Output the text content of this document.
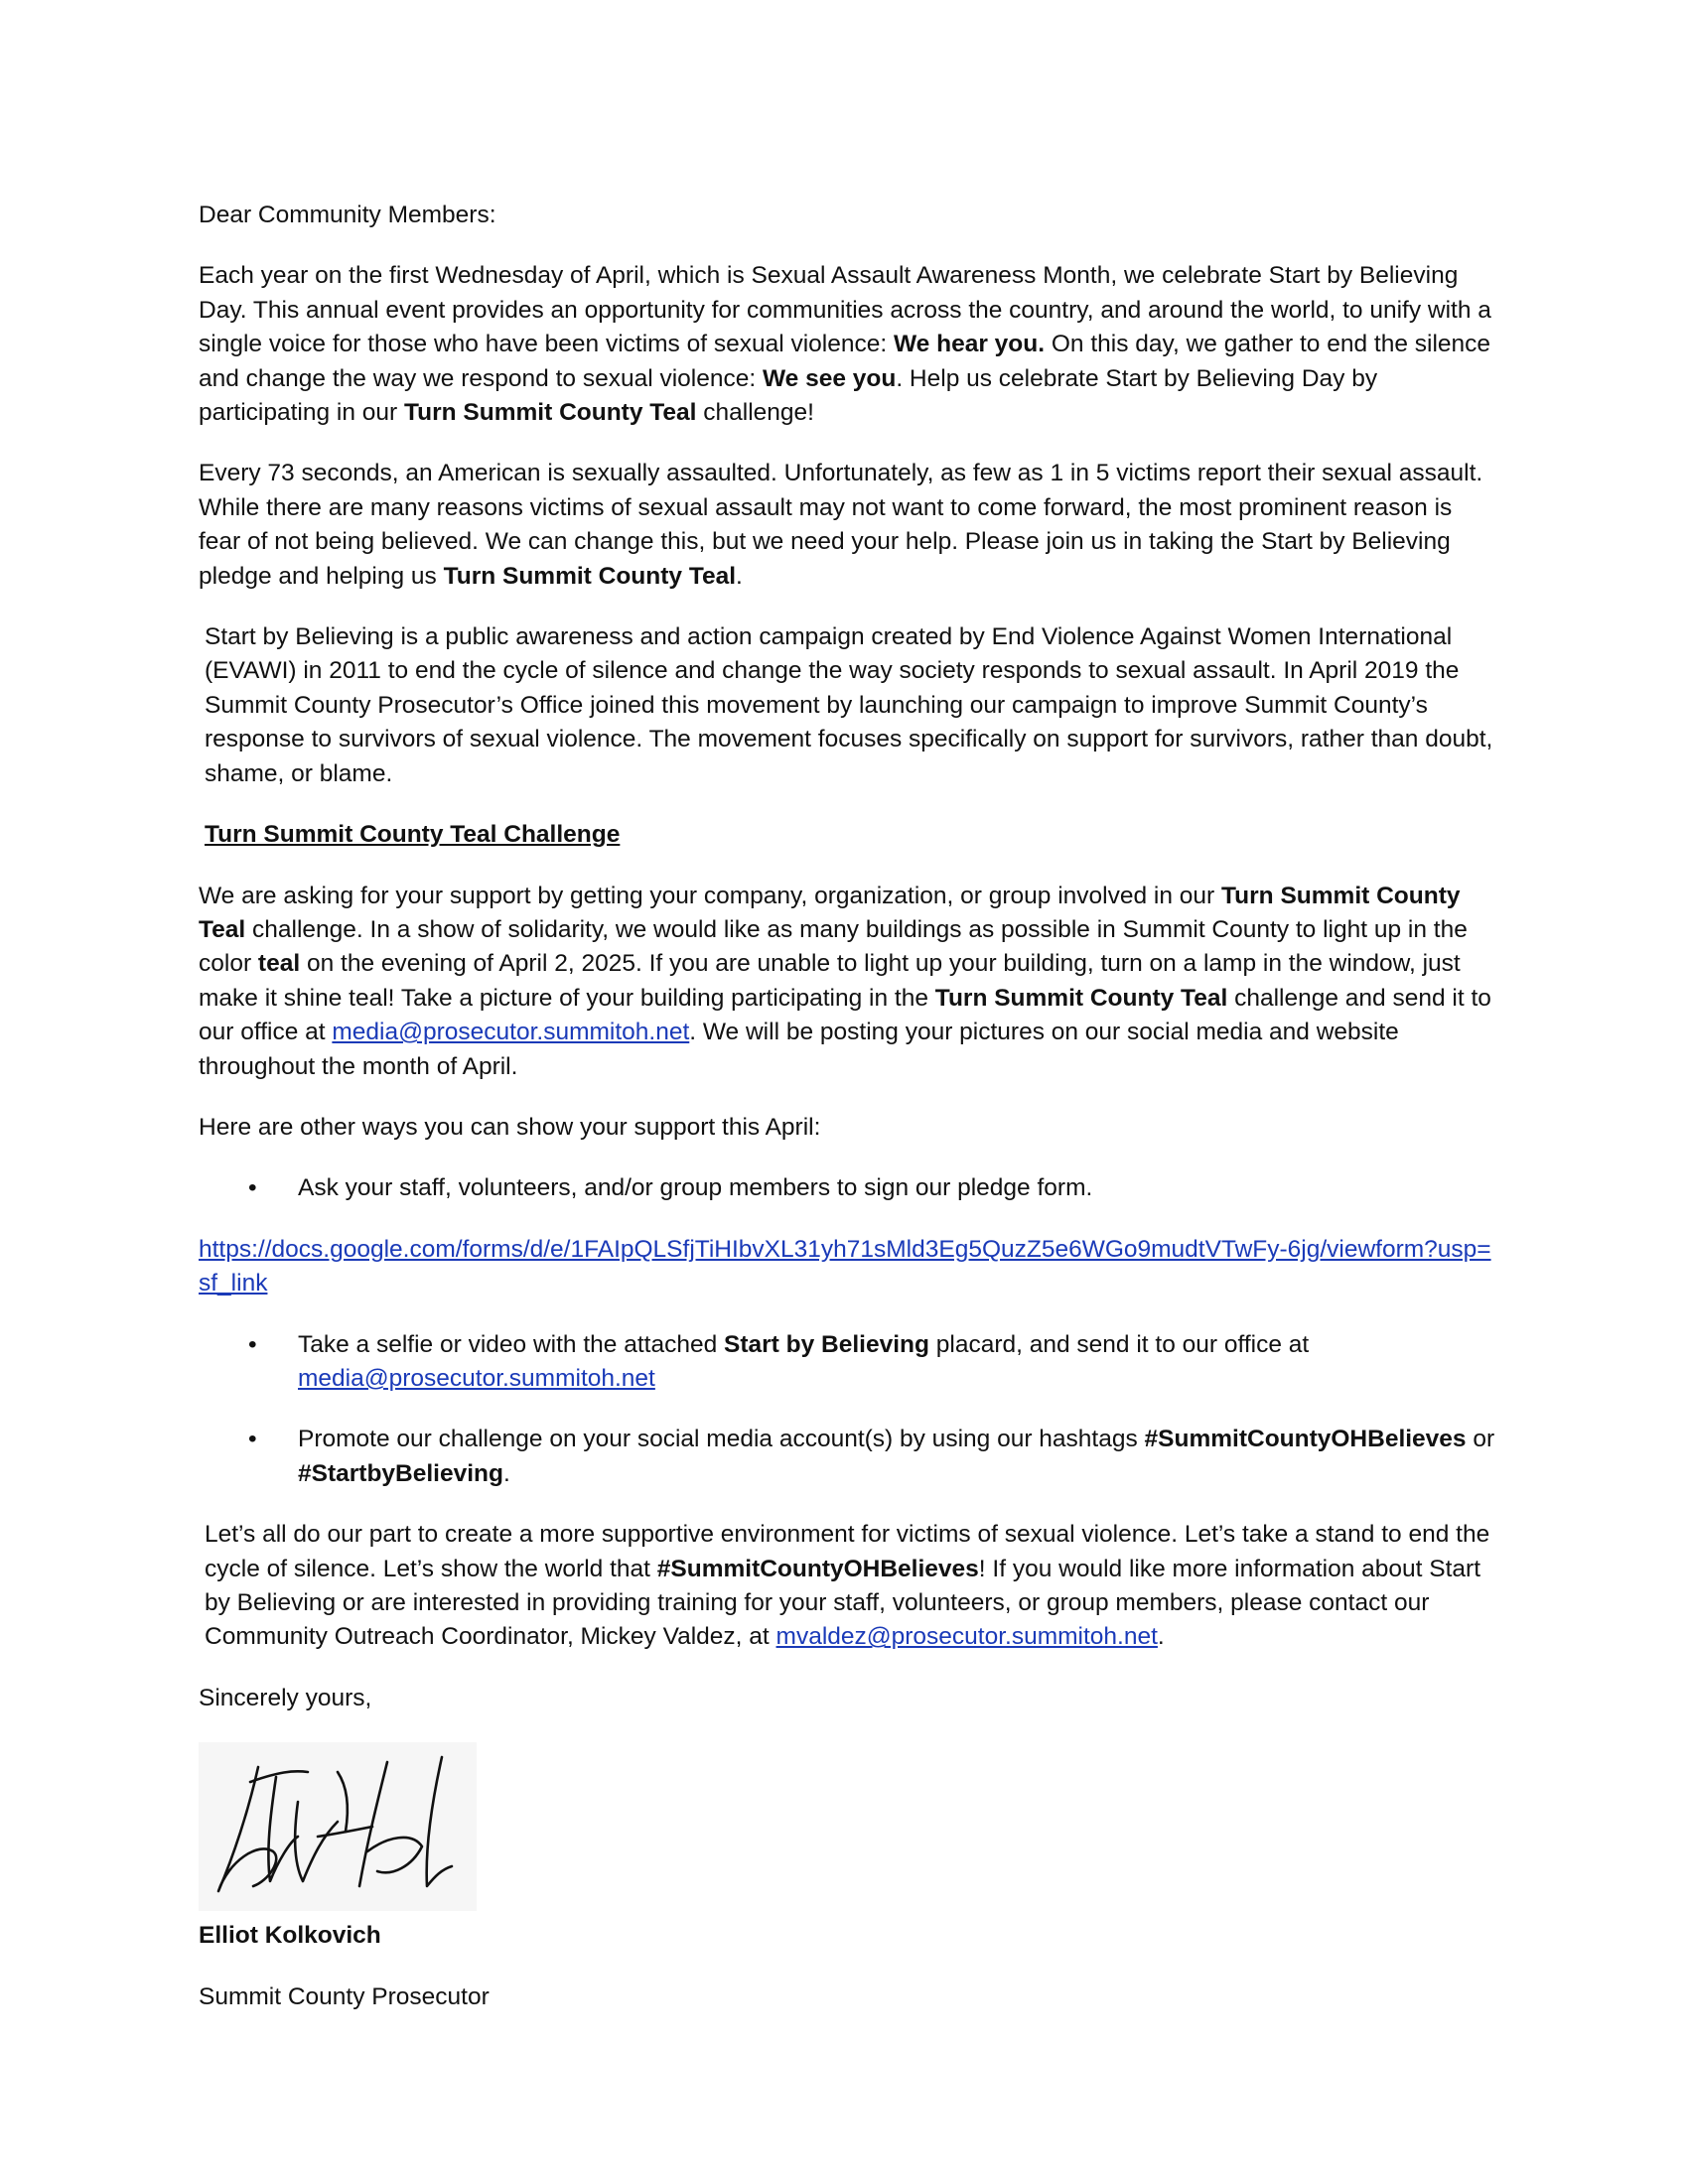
Dear Community Members:

Each year on the first Wednesday of April, which is Sexual Assault Awareness Month, we celebrate Start by Believing Day. This annual event provides an opportunity for communities across the country, and around the world, to unify with a single voice for those who have been victims of sexual violence: We hear you. On this day, we gather to end the silence and change the way we respond to sexual violence: We see you. Help us celebrate Start by Believing Day by participating in our Turn Summit County Teal challenge!

Every 73 seconds, an American is sexually assaulted. Unfortunately, as few as 1 in 5 victims report their sexual assault. While there are many reasons victims of sexual assault may not want to come forward, the most prominent reason is fear of not being believed. We can change this, but we need your help. Please join us in taking the Start by Believing pledge and helping us Turn Summit County Teal.

Start by Believing is a public awareness and action campaign created by End Violence Against Women International (EVAWI) in 2011 to end the cycle of silence and change the way society responds to sexual assault. In April 2019 the Summit County Prosecutor’s Office joined this movement by launching our campaign to improve Summit County’s response to survivors of sexual violence. The movement focuses specifically on support for survivors, rather than doubt, shame, or blame.

Turn Summit County Teal Challenge

We are asking for your support by getting your company, organization, or group involved in our Turn Summit County Teal challenge. In a show of solidarity, we would like as many buildings as possible in Summit County to light up in the color teal on the evening of April 2, 2025. If you are unable to light up your building, turn on a lamp in the window, just make it shine teal! Take a picture of your building participating in the Turn Summit County Teal challenge and send it to our office at media@prosecutor.summitoh.net. We will be posting your pictures on our social media and website throughout the month of April.

Here are other ways you can show your support this April:

• Ask your staff, volunteers, and/or group members to sign our pledge form.
https://docs.google.com/forms/d/e/1FAIpQLSfjTiHIbvXL31yh71sMld3Eg5QuzZ5e6WGo9mudtVTwFy-6jg/viewform?usp=sf_link
• Take a selfie or video with the attached Start by Believing placard, and send it to our office at media@prosecutor.summitoh.net
• Promote our challenge on your social media account(s) by using our hashtags #SummitCountyOHBelieves or #StartbyBelieving.

Let’s all do our part to create a more supportive environment for victims of sexual violence. Let’s take a stand to end the cycle of silence. Let’s show the world that #SummitCountyOHBelieves! If you would like more information about Start by Believing or are interested in providing training for your staff, volunteers, or group members, please contact our Community Outreach Coordinator, Mickey Valdez, at mvaldez@prosecutor.summitoh.net.

Sincerely yours,

Elliot Kolkovich

Summit County Prosecutor
